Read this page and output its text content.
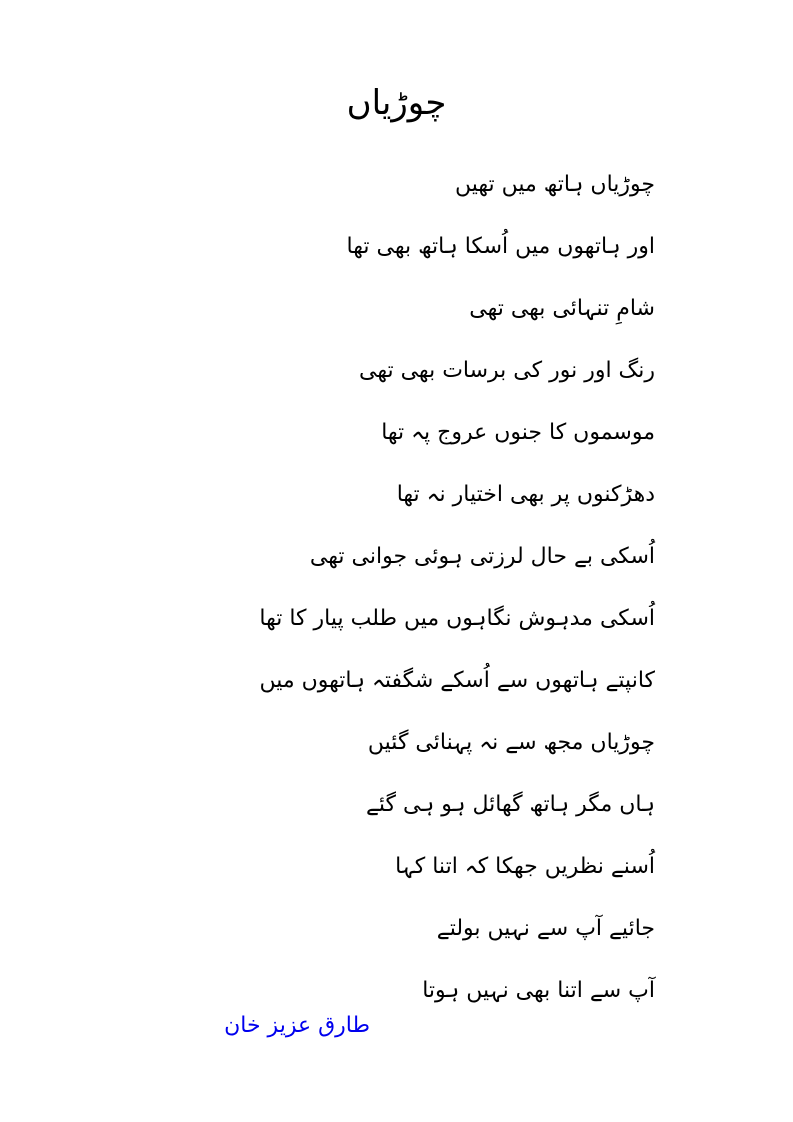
چوڑیاں
چوڑیاں ہاتھ میں تھیں
اور ہاتھوں میں اُسکا ہاتھ بھی تھا
شامِ تنہائی بھی تھی
رنگ اور نور کی برسات بھی تھی
موسموں کا جنوں عروج پہ تھا
دھڑکنوں پر بھی اختیار نہ تھا
اُسکی بے حال لرزتی ہوئی جوانی تھی
اُسکی مدہوش نگاہوں میں طلب پیار کا تھا
کانپتے ہاتھوں سے اُسکے شگفتہ ہاتھوں میں
چوڑیاں مجھ سے نہ پہنائی گئیں
ہاں مگر ہاتھ گھائل ہو ہی گئے
اُسنے نظریں جھکا کہ اتنا کہا
جائیے آپ سے نہیں بولتے
آپ سے اتنا بھی نہیں ہوتا
طارق عزیز خان
